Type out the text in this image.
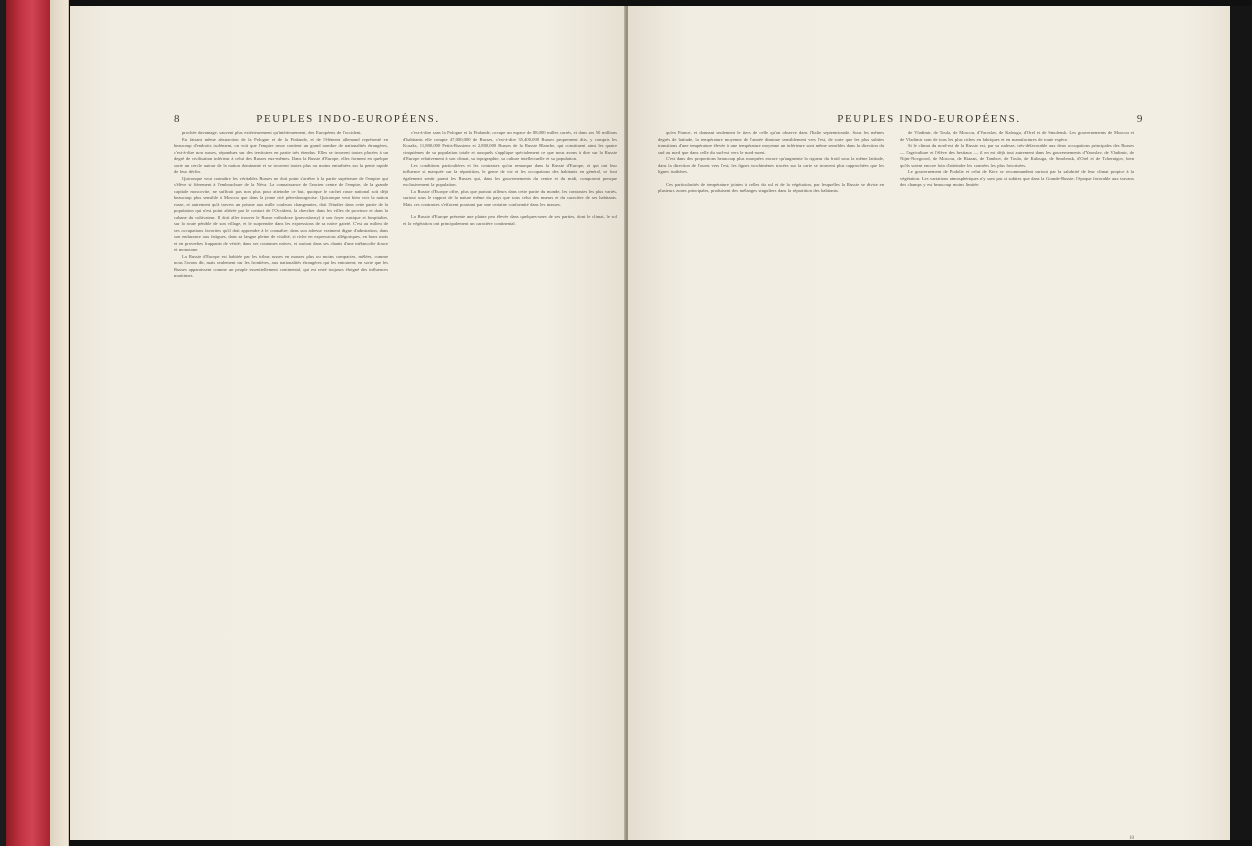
8	PEUPLES INDO-EUROPÉENS.

prochée davantage, sauvent plus extérieurement qu'intérieurement, des Européens de l'occident.

En faisant même abstraction de la Pologne et de la Finlande, et de l'élément allemand représenté en beaucoup d'endroits isolément, on voit que l'empire russe contient un grand nombre de nationalités étrangères, c'est-à-dire non russes, répandues sur des territoires en partie très étendus. Elles se trouvent toutes placées à un degré de civilisation inférieur à celui des Russes eux-mêmes. Dans la Russie d'Europe, elles forment en quelque sorte un cercle autour de la nation dominante et se trouvent toutes plus ou moins entraînées sur la pente rapide de leur déclin.

Quiconque veut connaître les véritables Russes ne doit point s'arrêter à la partie supérieure de l'empire qui s'élève si fièrement à l'embouchure de la Néva. La connaissance de l'ancien centre de l'empire, de la grande capitale moscovite, ne suffirait pas non plus pour atteindre ce but, quoique le cachet russe national soit déjà beaucoup plus sensible à Moscou que dans la jeune cité pétersbourgeoise. Quiconque veut bien voir la nation russe, et autrement qu'à travers un prisme aux mille couleurs changeantes, doit l'étudier dans cette partie de la population qui n'est point altérée par le contact de l'Occident, la chercher dans les villes de province et dans la cabane du cultivateur. Il doit aller trouver le Russe orthodoxe (pravoslavny) à son foyer rustique et hospitalier, sur la route pénible de son village, et le surprendre dans les expressions de sa naïve gaieté. C'est au milieu de ses occupations favorites qu'il doit apprendre à le connaître; dans son adresse vraiment digne d'admiration, dans son endurance aux fatigues, dans sa langue pleine de vitalité, si riche en expressions allégoriques, en bons mots et en proverbes frappants de vérité; dans ses coutumes naïves, et surtout dans ses chants d'une mélancolie douce et monotone.

La Russie d'Europe est habitée par les tribus russes en masses plus ou moins compactes, mêlées, comme nous l'avons dit, mais seulement sur les frontières, aux nationalités étrangères qui les entourent; en sorte que les Russes apparaissent comme un peuple essentiellement continental, qui est resté toujours éloigné des influences maritimes.

c'est-à-dire sans la Pologne et la Finlande, occupe un espace de 88,000 milles carrés, et dans ses 50 millions d'habitants elle compte 47,000,000 de Russes, c'est-à-dire 35,400,000 Russes proprement dits, y compris les Kosaks, 11,800,000 Petits-Russiens et 2,800,000 Russes de la Russie Blanche, qui constituent ainsi les quatre cinquièmes de sa population totale et auxquels s'applique spécialement ce que nous avons à dire sur la Russie d'Europe relativement à son climat, sa topographie, sa culture intellectuelle et sa population.

Les conditions particulières et les contrastes qu'on remarque dans la Russie d'Europe, et qui ont leur influence si marquée sur la répartition, le genre de vie et les occupations des habitants en général, se font également sentir parmi les Russes qui, dans les gouvernements du centre et du midi, composent presque exclusivement la population.

La Russie d'Europe offre, plus que partout ailleurs dans cette partie du monde, les contrastes les plus variés, surtout sous le rapport de la nature même du pays que sous celui des mœurs et du caractère de ses habitants. Mais ces contrastes s'effacent pourtant par une certaine conformité dans les masses.

La Russie d'Europe présente une plaine peu élevée dans quelques-unes de ses parties, dont le climat, le sol et la végétation ont principalement un caractère continental.

PEUPLES INDO-EUROPÉENS.	9

qu'en France, et donnant seulement le tiers de celle qu'on observe dans l'Italie septentrionale. Sous les mêmes degrés de latitude, la température moyenne de l'année diminue sensiblement vers l'est, de sorte que les plus subites transitions d'une température élevée à une température moyenne un inférieure sont même sensibles dans la direction du sud au nord que dans celle du sud-est vers le nord-ouest.

C'est dans des proportions beaucoup plus marquées encore qu'augmente la rigueur du froid sous la même latitude, dans la direction de l'ouest vers l'est; les lignes isochimènes tracées sur la carte se trouvent plus rapprochées que les lignes isothères.

Ces particularités de température jointes à celles du sol et de la végétation, par lesquelles la Russie se divise en plusieurs zones principales, produisent des mélanges singuliers dans la répartition des habitants.

de Vladimir, de Toula, de Moscou, d'Yaroslav, de Kalouga, d'Orel et de Smolensk. Les gouvernements de Moscou et de Vladimir sont de tous les plus riches en fabriques et en manufactures de toute espèce.

Si le climat du nord-est de la Russie est, par sa rudesse, très-défavorable aux deux occupations principales des Russes — l'agriculture et l'élève des bestiaux — il en est déjà tout autrement dans les gouvernements d'Yaroslav, de Vladimir, de Nijni-Novgorod, de Moscou, de Riazan, de Tambov, de Toula, de Kalouga, de Smolensk, d'Orel et de Tchernigov, bien qu'ils soient encore loin d'atteindre les contrées les plus favorisées.

Le gouvernement de Podolie et celui de Kiev se recommandent surtout par la salubrité de leur climat propice à la végétation. Les variations atmosphériques n'y sont pas si subites que dans la Grande-Russie; l'époque favorable aux travaux des champs y est beaucoup moins limitée.

10
